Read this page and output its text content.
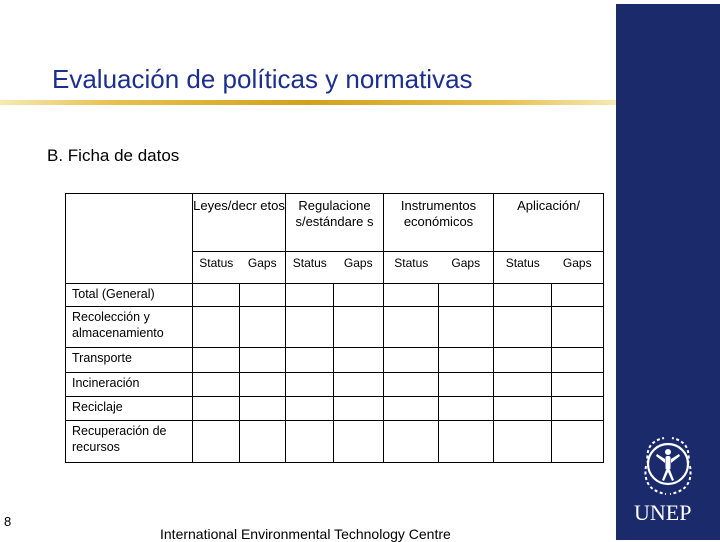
Evaluación de políticas y normativas
B. Ficha de datos
	Leyes/decr etos		Regulacione s/estándare s		Instrumentos económicos		Aplicación/	
	Status	Gaps	Status	Gaps	Status	Gaps	Status	Gaps
Total (General)								
Recolección y almacenamiento								
Transporte								
Incineración								
Reciclaje								
Recuperación de recursos								
8
International Environmental Technology Centre
UNEP
